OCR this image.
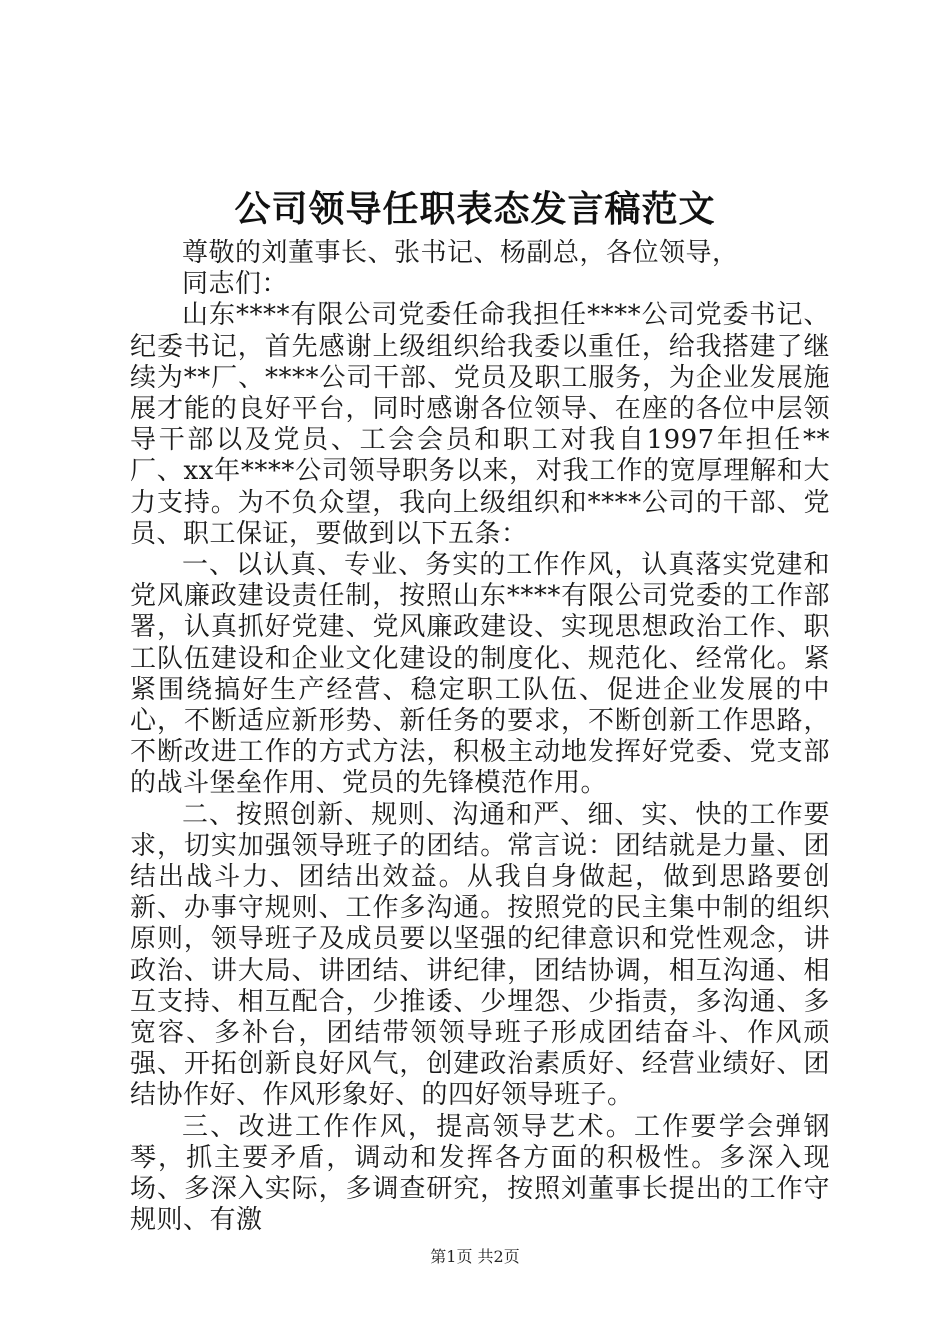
公司领导任职表态发言稿范文

尊敬的刘董事长、张书记、杨副总，各位领导，

同志们：

山东****有限公司党委任命我担任****公司党委书记、纪委书记，首先感谢上级组织给我委以重任，给我搭建了继续为**厂、****公司干部、党员及职工服务，为企业发展施展才能的良好平台，同时感谢各位领导、在座的各位中层领导干部以及党员、工会会员和职工对我自1997年担任**厂、xx年****公司领导职务以来，对我工作的宽厚理解和大力支持。为不负众望，我向上级组织和****公司的干部、党员、职工保证，要做到以下五条：

一、以认真、专业、务实的工作作风，认真落实党建和党风廉政建设责任制，按照山东****有限公司党委的工作部署，认真抓好党建、党风廉政建设、实现思想政治工作、职工队伍建设和企业文化建设的制度化、规范化、经常化。紧紧围绕搞好生产经营、稳定职工队伍、促进企业发展的中心，不断适应新形势、新任务的要求，不断创新工作思路，不断改进工作的方式方法，积极主动地发挥好党委、党支部的战斗堡垒作用、党员的先锋模范作用。

二、按照创新、规则、沟通和严、细、实、快的工作要求，切实加强领导班子的团结。常言说：团结就是力量、团结出战斗力、团结出效益。从我自身做起，做到思路要创新、办事守规则、工作多沟通。按照党的民主集中制的组织原则，领导班子及成员要以坚强的纪律意识和党性观念，讲政治、讲大局、讲团结、讲纪律，团结协调，相互沟通、相互支持、相互配合，少推诿、少埋怨、少指责，多沟通、多宽容、多补台，团结带领领导班子形成团结奋斗、作风顽强、开拓创新良好风气，创建政治素质好、经营业绩好、团结协作好、作风形象好、的四好领导班子。

三、改进工作作风，提高领导艺术。工作要学会弹钢琴，抓主要矛盾，调动和发挥各方面的积极性。多深入现场、多深入实际，多调查研究，按照刘董事长提出的工作守规则、有激

第1页 共2页
